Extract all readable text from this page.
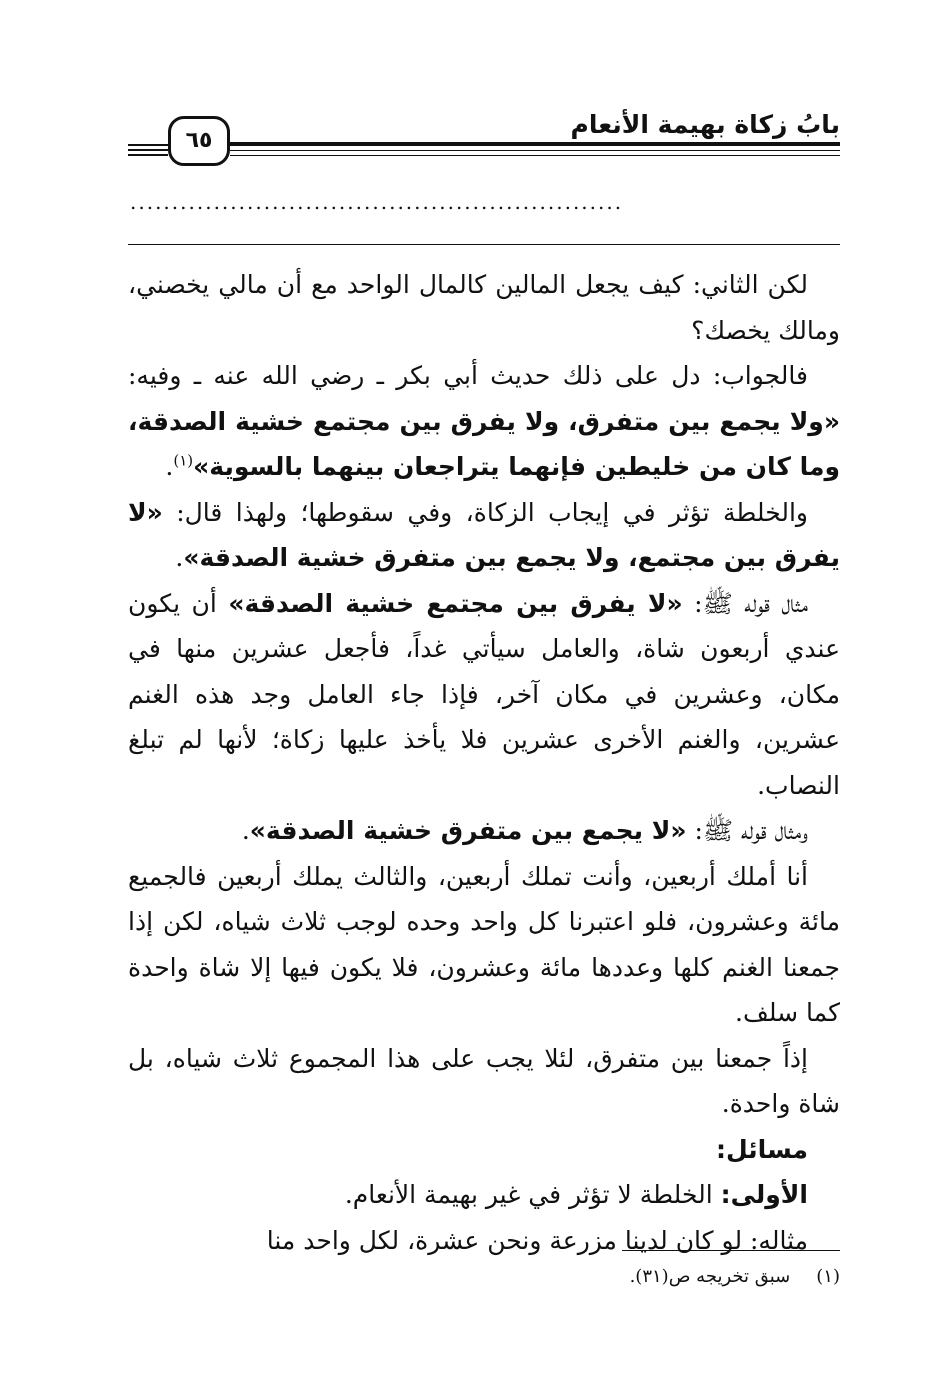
بابُ زكاة بهيمة الأنعام
٦٥
...........................................................

لكن الثاني: كيف يجعل المالين كالمال الواحد مع أن مالي يخصني، ومالك يخصك؟

فالجواب: دل على ذلك حديث أبي بكر ـ رضي الله عنه ـ وفيه: «ولا يجمع بين متفرق، ولا يفرق بين مجتمع خشية الصدقة، وما كان من خليطين فإنهما يتراجعان بينهما بالسوية»$^{(١)}$.

والخلطة تؤثر في إيجاب الزكاة، وفي سقوطها؛ ولهذا قال: «لا يفرق بين مجتمع، ولا يجمع بين متفرق خشية الصدقة».

مثال قوله ﷺ: «لا يفرق بين مجتمع خشية الصدقة» أن يكون عندي أربعون شاة، والعامل سيأتي غداً، فأجعل عشرين منها في مكان، وعشرين في مكان آخر، فإذا جاء العامل وجد هذه الغنم عشرين، والغنم الأخرى عشرين فلا يأخذ عليها زكاة؛ لأنها لم تبلغ النصاب.

ومثال قوله ﷺ: «لا يجمع بين متفرق خشية الصدقة».

أنا أملك أربعين، وأنت تملك أربعين، والثالث يملك أربعين فالجميع مائة وعشرون، فلو اعتبرنا كل واحد وحده لوجب ثلاث شياه، لكن إذا جمعنا الغنم كلها وعددها مائة وعشرون، فلا يكون فيها إلا شاة واحدة كما سلف.

إذاً جمعنا بين متفرق، لئلا يجب على هذا المجموع ثلاث شياه، بل شاة واحدة.

مسائل:

الأولى: الخلطة لا تؤثر في غير بهيمة الأنعام.

مثاله: لو كان لدينا مزرعة ونحن عشرة، لكل واحد منا

(١)سبق تخريجه ص(٣١).
